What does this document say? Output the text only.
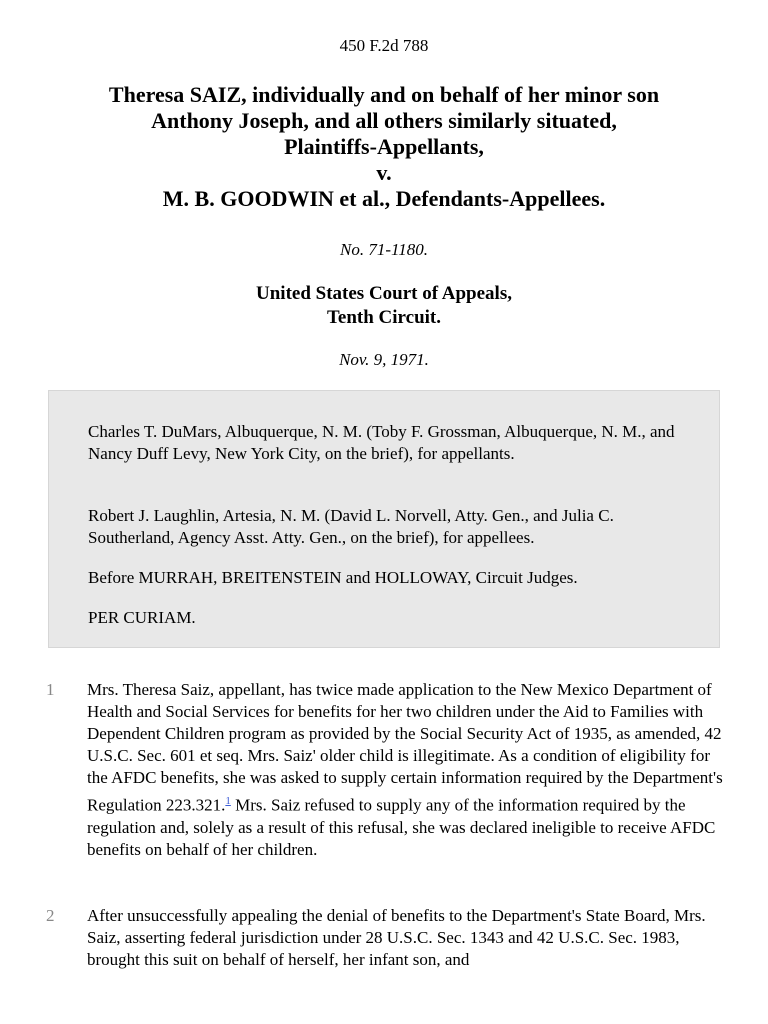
450 F.2d 788
Theresa SAIZ, individually and on behalf of her minor son
Anthony Joseph, and all others similarly situated,
Plaintiffs-Appellants,
v.
M. B. GOODWIN et al., Defendants-Appellees.
No. 71-1180.
United States Court of Appeals,
Tenth Circuit.
Nov. 9, 1971.

Charles T. DuMars, Albuquerque, N. M. (Toby F. Grossman, Albuquerque, N. M., and Nancy Duff Levy, New York City, on the brief), for appellants.

Robert J. Laughlin, Artesia, N. M. (David L. Norvell, Atty. Gen., and Julia C. Southerland, Agency Asst. Atty. Gen., on the brief), for appellees.

Before MURRAH, BREITENSTEIN and HOLLOWAY, Circuit Judges.

PER CURIAM.

1 Mrs. Theresa Saiz, appellant, has twice made application to the New Mexico Department of Health and Social Services for benefits for her two children under the Aid to Families with Dependent Children program as provided by the Social Security Act of 1935, as amended, 42 U.S.C. Sec. 601 et seq. Mrs. Saiz' older child is illegitimate. As a condition of eligibility for the AFDC benefits, she was asked to supply certain information required by the Department's Regulation 223.321.$^1$ Mrs. Saiz refused to supply any of the information required by the regulation and, solely as a result of this refusal, she was declared ineligible to receive AFDC benefits on behalf of her children.

2 After unsuccessfully appealing the denial of benefits to the Department's State Board, Mrs. Saiz, asserting federal jurisdiction under 28 U.S.C. Sec. 1343 and 42 U.S.C. Sec. 1983, brought this suit on behalf of herself, her infant son, and
